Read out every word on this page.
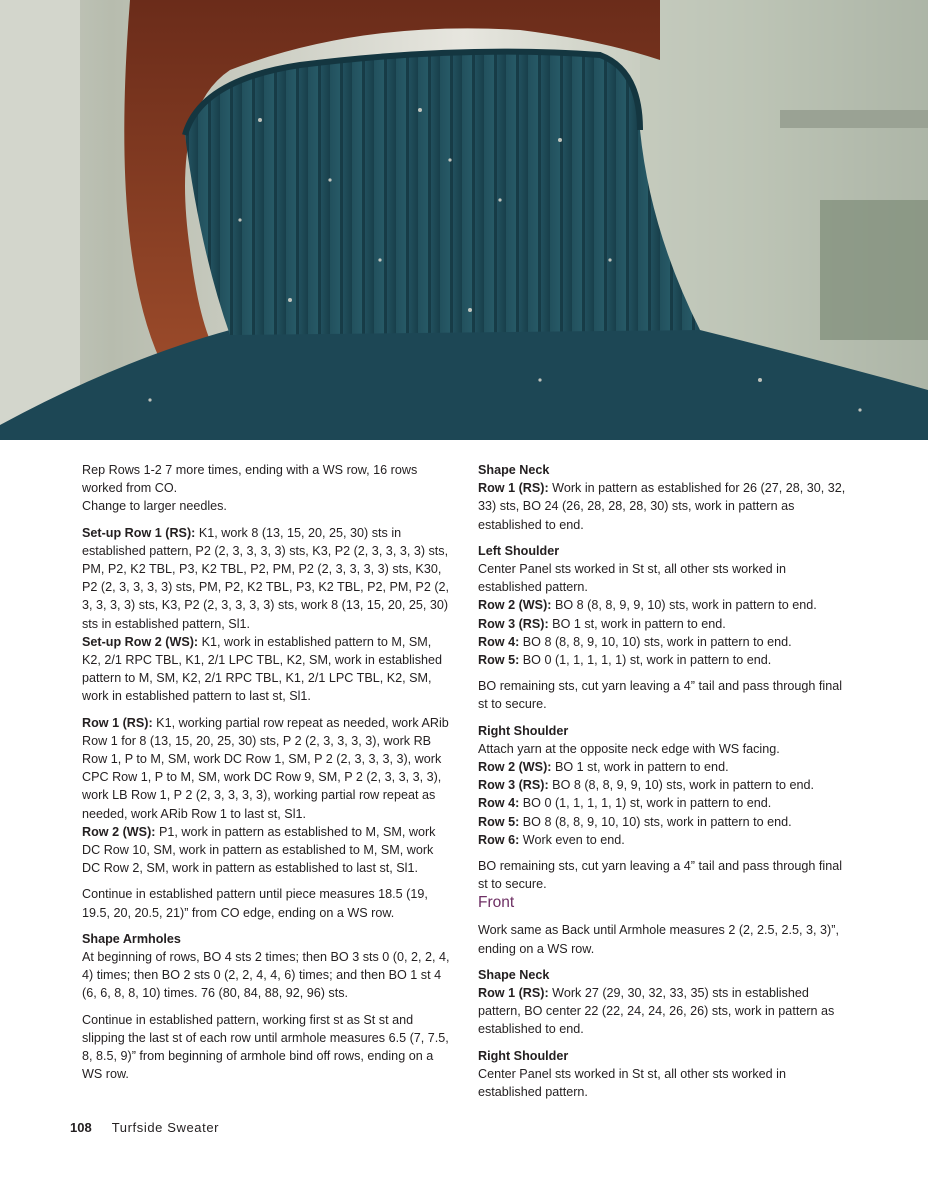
Rep Rows 1-2 7 more times, ending with a WS row, 16 rows worked from CO.

Change to larger needles.

Set-up Row 1 (RS): K1, work 8 (13, 15, 20, 25, 30) sts in established pattern, P2 (2, 3, 3, 3, 3) sts, K3, P2 (2, 3, 3, 3, 3) sts, PM, P2, K2 TBL, P3, K2 TBL, P2, PM, P2 (2, 3, 3, 3, 3) sts, K30, P2 (2, 3, 3, 3, 3) sts, PM, P2, K2 TBL, P3, K2 TBL, P2, PM, P2 (2, 3, 3, 3, 3) sts, K3, P2 (2, 3, 3, 3, 3) sts, work 8 (13, 15, 20, 25, 30) sts in established pattern, Sl1.

Set-up Row 2 (WS): K1, work in established pattern to M, SM, K2, 2/1 RPC TBL, K1, 2/1 LPC TBL, K2, SM, work in established pattern to M, SM, K2, 2/1 RPC TBL, K1, 2/1 LPC TBL, K2, SM, work in established pattern to last st, Sl1.

Row 1 (RS): K1, working partial row repeat as needed, work ARib Row 1 for 8 (13, 15, 20, 25, 30) sts, P 2 (2, 3, 3, 3, 3), work RB Row 1, P to M, SM, work DC Row 1, SM, P 2 (2, 3, 3, 3, 3), work CPC Row 1, P to M, SM, work DC Row 9, SM, P 2 (2, 3, 3, 3, 3), work LB Row 1, P 2 (2, 3, 3, 3, 3), working partial row repeat as needed, work ARib Row 1 to last st, Sl1.

Row 2 (WS): P1, work in pattern as established to M, SM, work DC Row 10, SM, work in pattern as established to M, SM, work DC Row 2, SM, work in pattern as established to last st, Sl1.

Continue in established pattern until piece measures 18.5 (19, 19.5, 20, 20.5, 21)” from CO edge, ending on a WS row.

Shape Armholes

At beginning of rows, BO 4 sts 2 times; then BO 3 sts 0 (0, 2, 2, 4, 4) times; then BO 2 sts 0 (2, 2, 4, 4, 6) times; and then BO 1 st 4 (6, 6, 8, 8, 10) times. 76 (80, 84, 88, 92, 96) sts.

Continue in established pattern, working first st as St st and slipping the last st of each row until armhole measures 6.5 (7, 7.5, 8, 8.5, 9)” from beginning of armhole bind off rows, ending on a WS row.

Shape Neck

Row 1 (RS): Work in pattern as established for 26 (27, 28, 30, 32, 33) sts, BO 24 (26, 28, 28, 28, 30) sts, work in pattern as established to end.

Left Shoulder

Center Panel sts worked in St st, all other sts worked in established pattern.

Row 2 (WS): BO 8 (8, 8, 9, 9, 10) sts, work in pattern to end.

Row 3 (RS): BO 1 st, work in pattern to end.

Row 4: BO 8 (8, 8, 9, 10, 10) sts, work in pattern to end.

Row 5: BO 0 (1, 1, 1, 1, 1) st, work in pattern to end.

BO remaining sts, cut yarn leaving a 4” tail and pass through final st to secure.

Right Shoulder

Attach yarn at the opposite neck edge with WS facing.

Row 2 (WS): BO 1 st, work in pattern to end.

Row 3 (RS): BO 8 (8, 8, 9, 9, 10) sts, work in pattern to end.

Row 4: BO 0 (1, 1, 1, 1, 1) st, work in pattern to end.

Row 5: BO 8 (8, 8, 9, 10, 10) sts, work in pattern to end.

Row 6: Work even to end.

BO remaining sts, cut yarn leaving a 4” tail and pass through final st to secure.

Front

Work same as Back until Armhole measures 2 (2, 2.5, 2.5, 3, 3)”, ending on a WS row.

Shape Neck

Row 1 (RS): Work 27 (29, 30, 32, 33, 35) sts in established pattern, BO center 22 (22, 24, 24, 26, 26) sts, work in pattern as established to end.

Right Shoulder

Center Panel sts worked in St st, all other sts worked in established pattern.

108 Turfside Sweater
